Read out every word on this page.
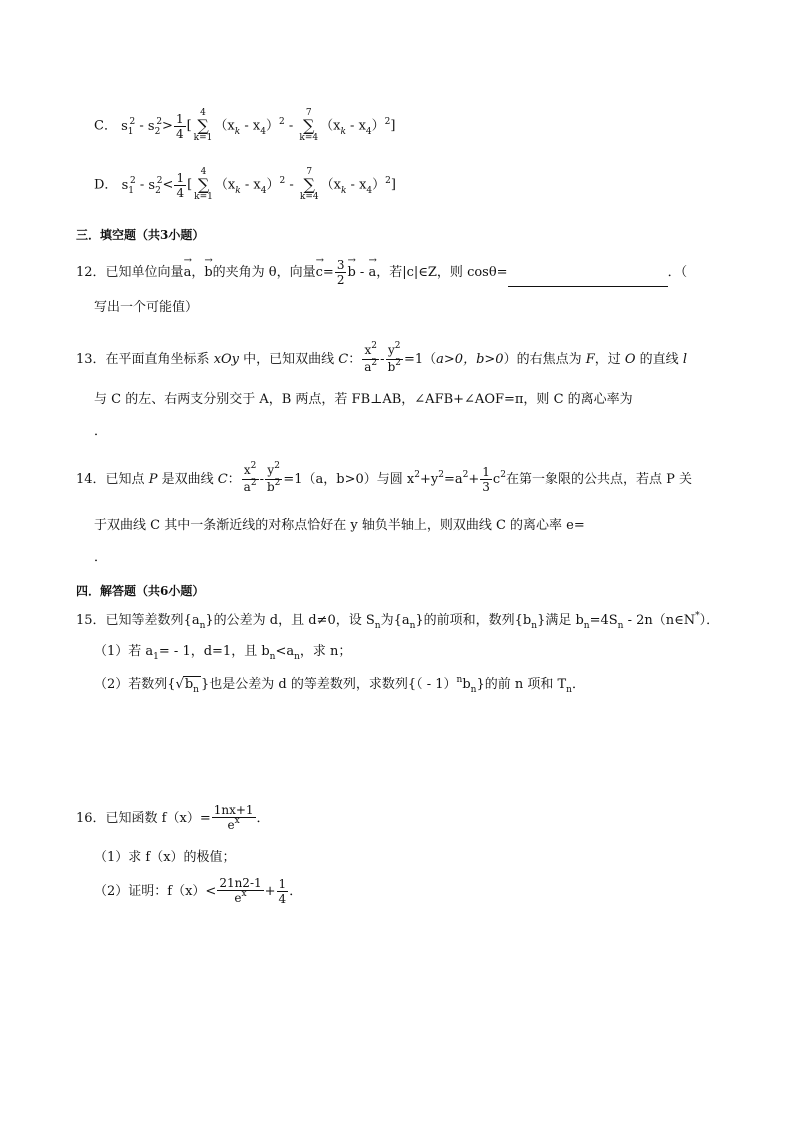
C． $s_1^2 - s_2^2> \frac{1}{4}$ [
4
∑
k=1
$(x_k - x_4)^2$ -
7
∑
k=4
$(x_k - x_4)^2$]
D． $s_1^2 - s_2^2< \frac{1}{4}$ [
4
∑
k=1
$(x_k - x_4)^2$ -
7
∑
k=4
$(x_k - x_4)^2$]
三．填空题（共3小题）
12．已知单位向量→ a，→ b的夹角为 θ，向量→ $c= \frac{3}{2}$
→ b - → a，若|c|∈Z，则 cosθ=	．（
写出一个可能值）
13．在平面直角坐标系 xOy 中，已知双曲线 C： $\frac{x^2}{a^2} - \frac{y^2}{b^2} =1(a>0$，b>0）的右焦点为 F，过 O 的直线 l
与 C 的左、右两支分别交于 A，B 两点，若 FB⊥AB，∠AFB+∠AOF=π，则 C 的离心率为
．
14．已知点 P 是双曲线 C： $\frac{x^2}{a^2} - \frac{y^2}{b^2} =1(a$，b>0）与圆 $x^2+y^2=a^2+ \frac{1}{3} c^2$在第一象限的公共点，若点 P 关
于双曲线 C 其中一条渐近线的对称点恰好在 y 轴负半轴上，则双曲线 C 的离心率 e=
．
四．解答题（共6小题）
15．已知等差数列$\{a_n\}$的公差为 d，且 d≠0，设 $S_n$为$\{a_n\}$的前项和，数列$\{b_n\}$满足 $b_n=4S_n$ - 2n（n∈N*）．
（1）若 $a_1= - 1$，d=1，且 $b_n<a_n$，求 n；
（2）若数列{$√b_n$ }也是公差为 d 的等差数列，求数列{（ - $1)^nb_n$}的前 n 项和 $T_n$．
16．已知函数 $f(x)= \frac{1nx+1}{e^x}$ ．
（1）求 f（x）的极值；
（2）证明：$f(x)< \frac{21n2-1}{e^x} + \frac{1}{4}$ ．
